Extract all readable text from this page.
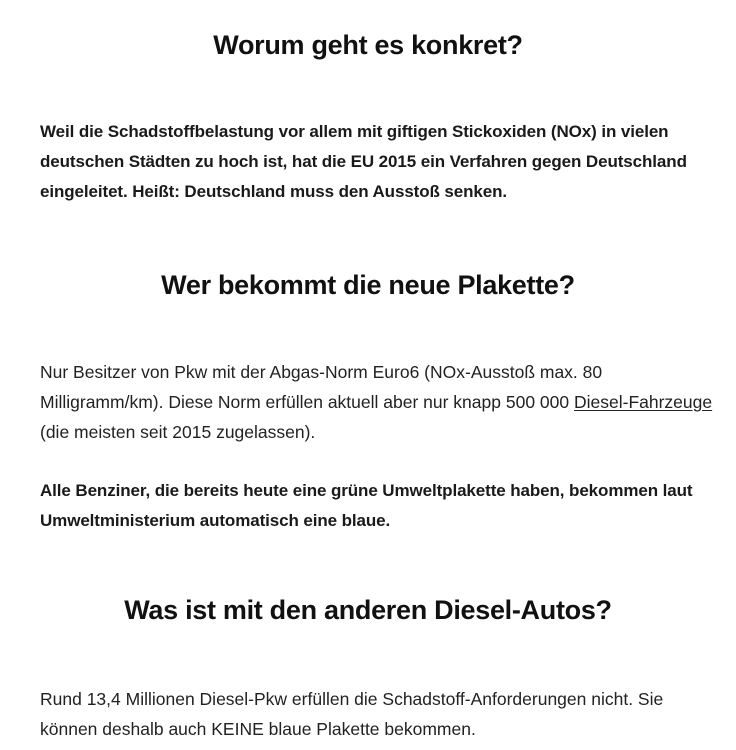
Worum geht es konkret?

Weil die Schadstoffbelastung vor allem mit giftigen Stickoxiden (NOx) in vielen deutschen Städten zu hoch ist, hat die EU 2015 ein Verfahren gegen Deutschland eingeleitet. Heißt: Deutschland muss den Ausstoß senken.

Wer bekommt die neue Plakette?

Nur Besitzer von Pkw mit der Abgas-Norm Euro6 (NOx-Ausstoß max. 80 Milligramm/km). Diese Norm erfüllen aktuell aber nur knapp 500 000 Diesel-Fahrzeuge (die meisten seit 2015 zugelassen).

Alle Benziner, die bereits heute eine grüne Umweltplakette haben, bekommen laut Umweltministerium automatisch eine blaue.

Was ist mit den anderen Diesel-Autos?

Rund 13,4 Millionen Diesel-Pkw erfüllen die Schadstoff-Anforderungen nicht. Sie können deshalb auch KEINE blaue Plakette bekommen.
